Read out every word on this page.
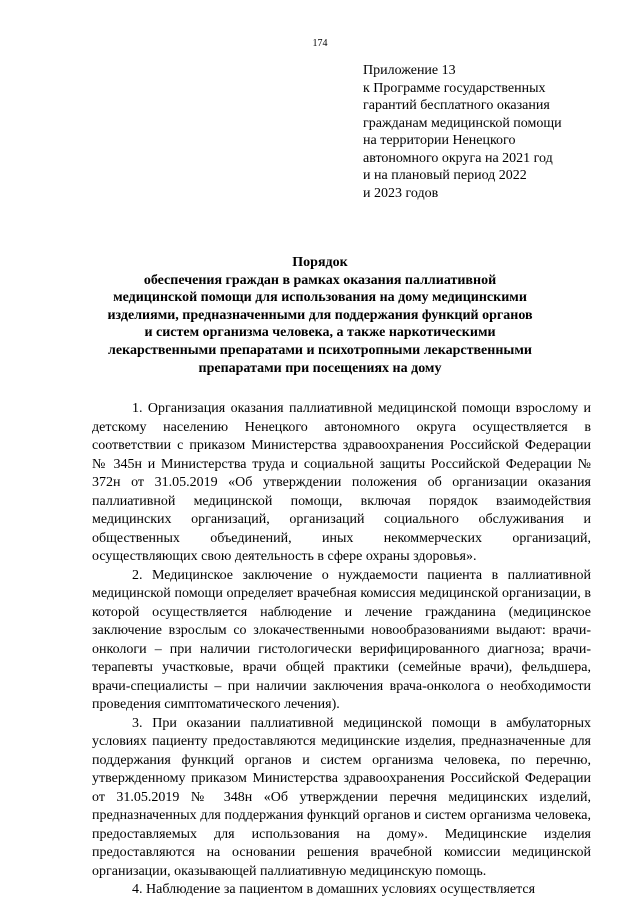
174
Приложение 13
к Программе государственных
гарантий бесплатного оказания
гражданам медицинской помощи
на территории Ненецкого
автономного округа на 2021 год
и на плановый период 2022
и 2023 годов
Порядок
обеспечения граждан в рамках оказания паллиативной
медицинской помощи для использования на дому медицинскими
изделиями, предназначенными для поддержания функций органов
и систем организма человека, а также наркотическими
лекарственными препаратами и психотропными лекарственными
препаратами при посещениях на дому

1. Организация оказания паллиативной медицинской помощи взрослому и детскому населению Ненецкого автономного округа осуществляется в соответствии с приказом Министерства здравоохранения Российской Федерации № 345н и Министерства труда и социальной защиты Российской Федерации № 372н от 31.05.2019 «Об утверждении положения об организации оказания паллиативной медицинской помощи, включая порядок взаимодействия медицинских организаций, организаций социального обслуживания и общественных объединений, иных некоммерческих организаций, осуществляющих свою деятельность в сфере охраны здоровья».

2. Медицинское заключение о нуждаемости пациента в паллиативной медицинской помощи определяет врачебная комиссия медицинской организации, в которой осуществляется наблюдение и лечение гражданина (медицинское заключение взрослым со злокачественными новообразованиями выдают: врачи-онкологи – при наличии гистологически верифицированного диагноза; врачи-терапевты участковые, врачи общей практики (семейные врачи), фельдшера, врачи-специалисты – при наличии заключения врача-онколога о необходимости проведения симптоматического лечения).

3. При оказании паллиативной медицинской помощи в амбулаторных условиях пациенту предоставляются медицинские изделия, предназначенные для поддержания функций органов и систем организма человека, по перечню, утвержденному приказом Министерства здравоохранения Российской Федерации от 31.05.2019 № 348н «Об утверждении перечня медицинских изделий, предназначенных для поддержания функций органов и систем организма человека, предоставляемых для использования на дому». Медицинские изделия предоставляются на основании решения врачебной комиссии медицинской организации, оказывающей паллиативную медицинскую помощь.

4. Наблюдение за пациентом в домашних условиях осуществляется
